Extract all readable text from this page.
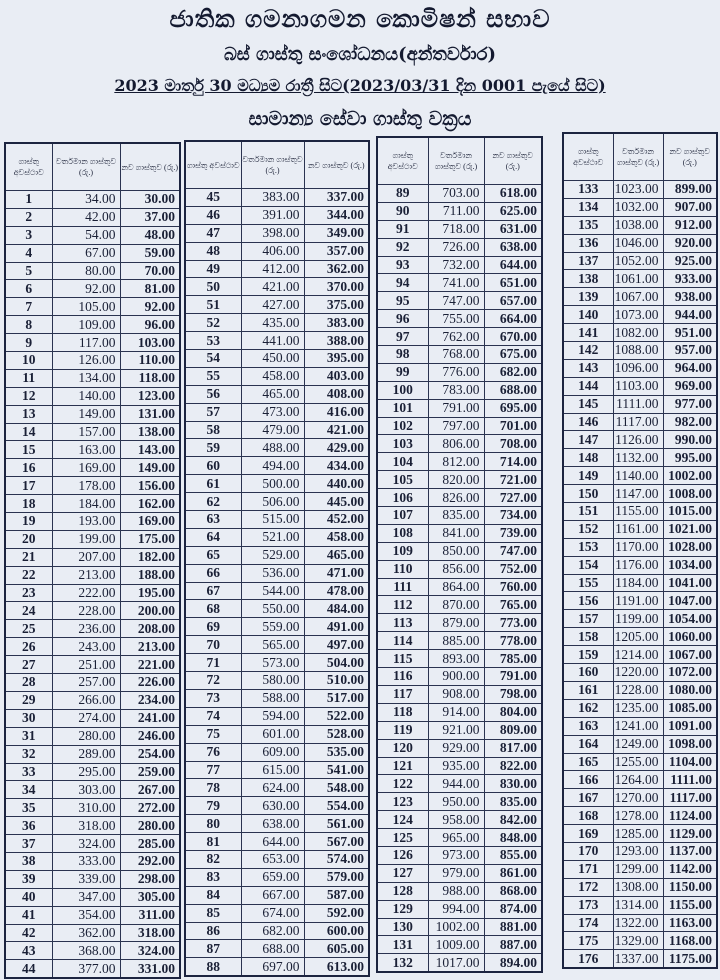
ජාතික ගමනාගමන කොමිෂන් සභාව
බස් ගාස්තු සංශෝධනය(අන්තර්වාර)
2023 මාර්තු 30 මධ්‍යම රාත්‍රී සිට(2023/03/31 දින 0001 පැයේ සිට)
සාමාන්‍ය සේවා ගාස්තු වක්‍රය
ගාස්තු අවස්ථාව	වර්තමාන ගාස්තුව (රු.)	නව ගාස්තුව (රු.)
1	34.00	30.00
2	42.00	37.00
3	54.00	48.00
4	67.00	59.00
5	80.00	70.00
6	92.00	81.00
7	105.00	92.00
8	109.00	96.00
9	117.00	103.00
10	126.00	110.00
11	134.00	118.00
12	140.00	123.00
13	149.00	131.00
14	157.00	138.00
15	163.00	143.00
16	169.00	149.00
17	178.00	156.00
18	184.00	162.00
19	193.00	169.00
20	199.00	175.00
21	207.00	182.00
22	213.00	188.00
23	222.00	195.00
24	228.00	200.00
25	236.00	208.00
26	243.00	213.00
27	251.00	221.00
28	257.00	226.00
29	266.00	234.00
30	274.00	241.00
31	280.00	246.00
32	289.00	254.00
33	295.00	259.00
34	303.00	267.00
35	310.00	272.00
36	318.00	280.00
37	324.00	285.00
38	333.00	292.00
39	339.00	298.00
40	347.00	305.00
41	354.00	311.00
42	362.00	318.00
43	368.00	324.00
44	377.00	331.00
ගාස්තු අවස්ථාව	වර්තමාන ගාස්තුව (රු.)	නව ගාස්තුව (රු.)
45	383.00	337.00
46	391.00	344.00
47	398.00	349.00
48	406.00	357.00
49	412.00	362.00
50	421.00	370.00
51	427.00	375.00
52	435.00	383.00
53	441.00	388.00
54	450.00	395.00
55	458.00	403.00
56	465.00	408.00
57	473.00	416.00
58	479.00	421.00
59	488.00	429.00
60	494.00	434.00
61	500.00	440.00
62	506.00	445.00
63	515.00	452.00
64	521.00	458.00
65	529.00	465.00
66	536.00	471.00
67	544.00	478.00
68	550.00	484.00
69	559.00	491.00
70	565.00	497.00
71	573.00	504.00
72	580.00	510.00
73	588.00	517.00
74	594.00	522.00
75	601.00	528.00
76	609.00	535.00
77	615.00	541.00
78	624.00	548.00
79	630.00	554.00
80	638.00	561.00
81	644.00	567.00
82	653.00	574.00
83	659.00	579.00
84	667.00	587.00
85	674.00	592.00
86	682.00	600.00
87	688.00	605.00
88	697.00	613.00
ගාස්තු අවස්ථාව	වර්තමාන ගාස්තුව (රු.)	නව ගාස්තුව (රු.)
89	703.00	618.00
90	711.00	625.00
91	718.00	631.00
92	726.00	638.00
93	732.00	644.00
94	741.00	651.00
95	747.00	657.00
96	755.00	664.00
97	762.00	670.00
98	768.00	675.00
99	776.00	682.00
100	783.00	688.00
101	791.00	695.00
102	797.00	701.00
103	806.00	708.00
104	812.00	714.00
105	820.00	721.00
106	826.00	727.00
107	835.00	734.00
108	841.00	739.00
109	850.00	747.00
110	856.00	752.00
111	864.00	760.00
112	870.00	765.00
113	879.00	773.00
114	885.00	778.00
115	893.00	785.00
116	900.00	791.00
117	908.00	798.00
118	914.00	804.00
119	921.00	809.00
120	929.00	817.00
121	935.00	822.00
122	944.00	830.00
123	950.00	835.00
124	958.00	842.00
125	965.00	848.00
126	973.00	855.00
127	979.00	861.00
128	988.00	868.00
129	994.00	874.00
130	1002.00	881.00
131	1009.00	887.00
132	1017.00	894.00
ගාස්තු අවස්ථාව	වර්තමාන ගාස්තුව (රු.)	නව ගාස්තුව (රු.)
133	1023.00	899.00
134	1032.00	907.00
135	1038.00	912.00
136	1046.00	920.00
137	1052.00	925.00
138	1061.00	933.00
139	1067.00	938.00
140	1073.00	944.00
141	1082.00	951.00
142	1088.00	957.00
143	1096.00	964.00
144	1103.00	969.00
145	1111.00	977.00
146	1117.00	982.00
147	1126.00	990.00
148	1132.00	995.00
149	1140.00	1002.00
150	1147.00	1008.00
151	1155.00	1015.00
152	1161.00	1021.00
153	1170.00	1028.00
154	1176.00	1034.00
155	1184.00	1041.00
156	1191.00	1047.00
157	1199.00	1054.00
158	1205.00	1060.00
159	1214.00	1067.00
160	1220.00	1072.00
161	1228.00	1080.00
162	1235.00	1085.00
163	1241.00	1091.00
164	1249.00	1098.00
165	1255.00	1104.00
166	1264.00	1111.00
167	1270.00	1117.00
168	1278.00	1124.00
169	1285.00	1129.00
170	1293.00	1137.00
171	1299.00	1142.00
172	1308.00	1150.00
173	1314.00	1155.00
174	1322.00	1163.00
175	1329.00	1168.00
176	1337.00	1175.00
